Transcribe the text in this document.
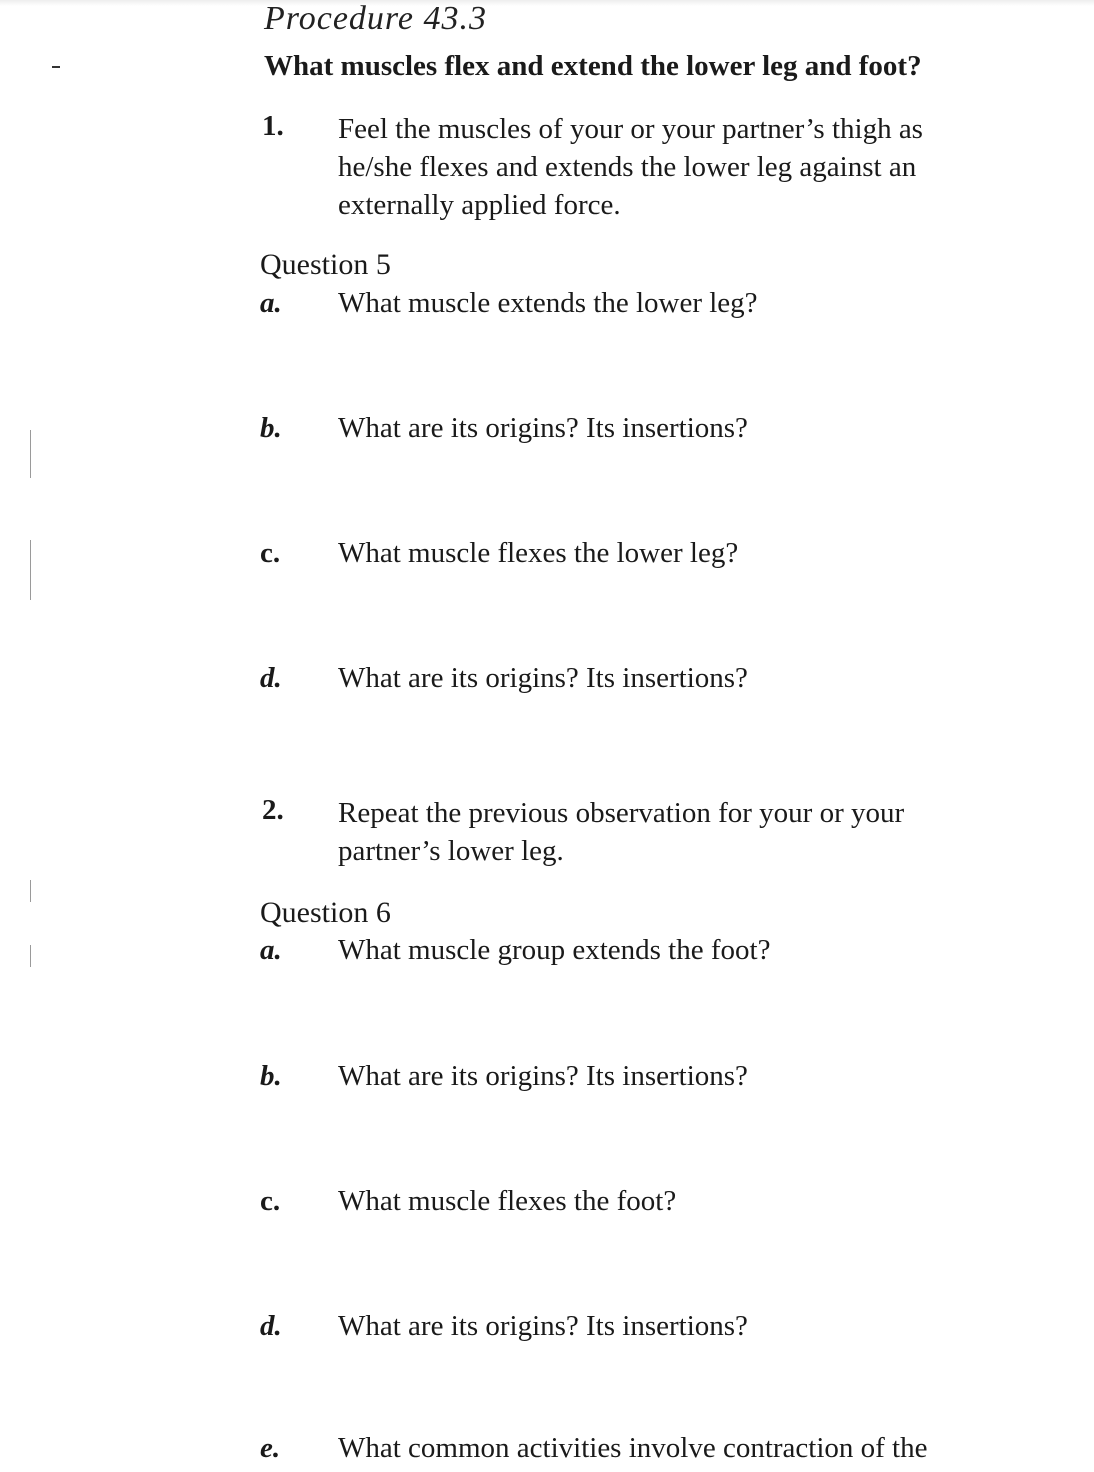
Procedure 43.3
What muscles flex and extend the lower leg and foot?
1. Feel the muscles of your or your partner’s thigh as he/she flexes and extends the lower leg against an externally applied force.
Question 5
a. What muscle extends the lower leg?
b. What are its origins? Its insertions?
c. What muscle flexes the lower leg?
d. What are its origins? Its insertions?
2. Repeat the previous observation for your or your partner’s lower leg.
Question 6
a. What muscle group extends the foot?
b. What are its origins? Its insertions?
c. What muscle flexes the foot?
d. What are its origins? Its insertions?
e. What common activities involve contraction of the
